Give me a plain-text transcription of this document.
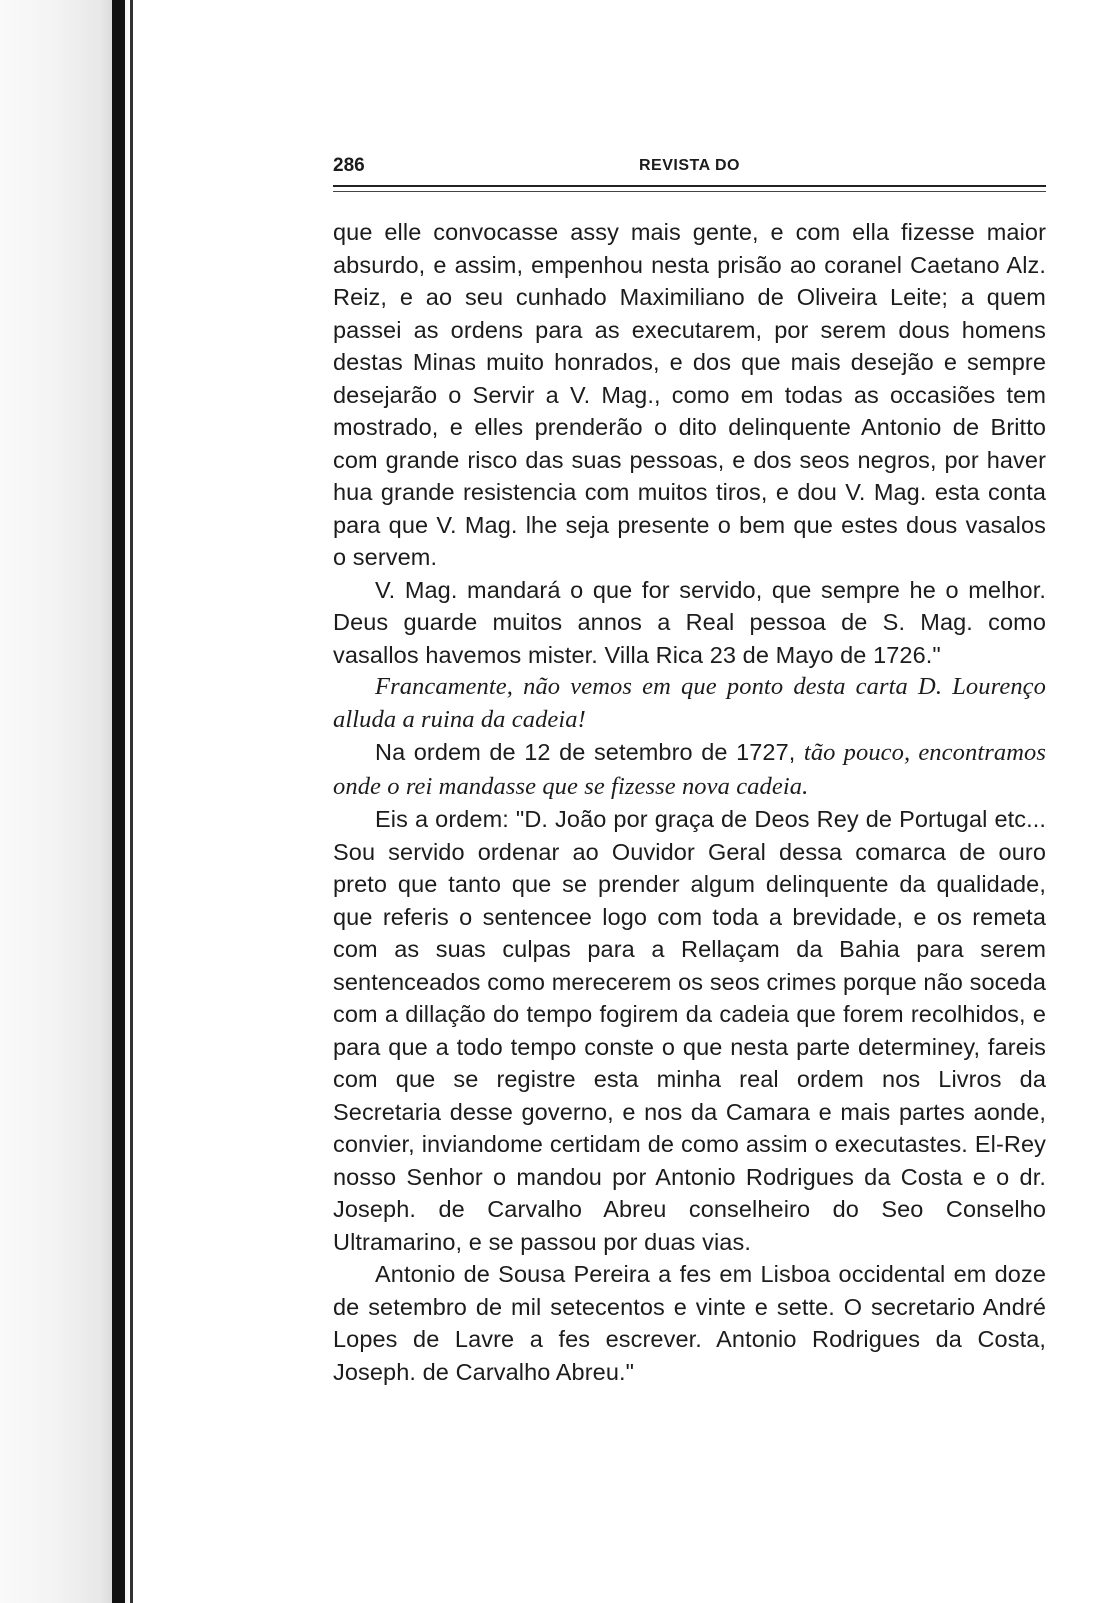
286	REVISTA DO

que elle convocasse assy mais gente, e com ella fizesse maior absurdo, e assim, empenhou nesta prisão ao coranel Caetano Alz. Reiz, e ao seu cunhado Maximiliano de Oliveira Leite; a quem passei as ordens para as executarem, por serem dous homens destas Minas muito honrados, e dos que mais desejão e sempre desejarão o Servir a V. Mag., como em todas as occasiões tem mostrado, e elles prenderão o dito delinquente Antonio de Britto com grande risco das suas pessoas, e dos seos negros, por haver hua grande resistencia com muitos tiros, e dou V. Mag. esta conta para que V. Mag. lhe seja presente o bem que estes dous vasalos o servem.

V. Mag. mandará o que for servido, que sempre he o melhor. Deus guarde muitos annos a Real pessoa de S. Mag. como vasallos havemos mister. Villa Rica 23 de Mayo de 1726."

Francamente, não vemos em que ponto desta carta D. Lourenço alluda a ruina da cadeia!

Na ordem de 12 de setembro de 1727, tão pouco, encontramos onde o rei mandasse que se fizesse nova cadeia.

Eis a ordem: "D. João por graça de Deos Rey de Portugal etc... Sou servido ordenar ao Ouvidor Geral dessa comarca de ouro preto que tanto que se prender algum delinquente da qualidade, que referis o sentencee logo com toda a brevidade, e os remeta com as suas culpas para a Rellaçam da Bahia para serem sentenceados como merecerem os seos crimes porque não soceda com a dillação do tempo fogirem da cadeia que forem recolhidos, e para que a todo tempo conste o que nesta parte determiney, fareis com que se registre esta minha real ordem nos Livros da Secretaria desse governo, e nos da Camara e mais partes aonde, convier, inviandome certidam de como assim o executastes. El-Rey nosso Senhor o mandou por Antonio Rodrigues da Costa e o dr. Joseph. de Carvalho Abreu conselheiro do Seo Conselho Ultramarino, e se passou por duas vias.

Antonio de Sousa Pereira a fes em Lisboa occidental em doze de setembro de mil setecentos e vinte e sette. O secretario André Lopes de Lavre a fes escrever. Antonio Rodrigues da Costa, Joseph. de Carvalho Abreu."
